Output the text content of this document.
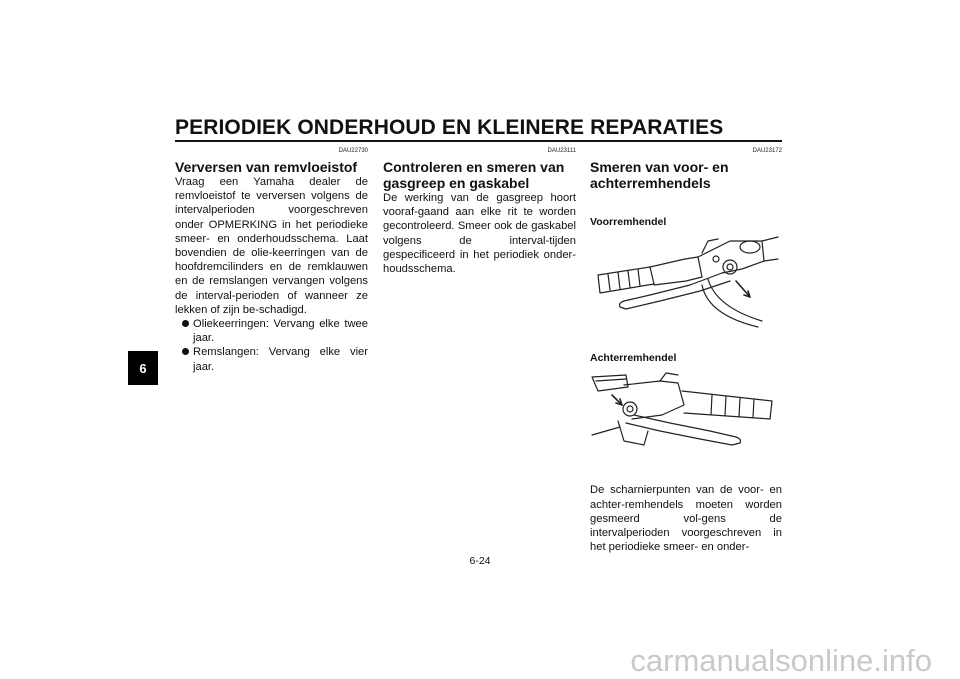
PERIODIEK ONDERHOUD EN KLEINERE REPARATIES
6
DAU22730
Verversen van remvloeistof

Vraag een Yamaha dealer de remvloeistof te verversen volgens de intervalperioden voorgeschreven onder OPMERKING in het periodieke smeer- en onderhoudsschema. Laat bovendien de olie-keerringen van de hoofdremcilinders en de remklauwen en de remslangen vervangen volgens de interval-perioden of wanneer ze lekken of zijn be-schadigd.

Oliekeerringen: Vervang elke twee jaar.
Remslangen: Vervang elke vier jaar.
DAU23111
Controleren en smeren van gasgreep en gaskabel

De werking van de gasgreep hoort vooraf-gaand aan elke rit te worden gecontroleerd. Smeer ook de gaskabel volgens de interval-tijden gespecificeerd in het periodiek onder-houdsschema.

DAU23172
Smeren van voor- en achterremhendels

Voorremhendel

Achterremhendel

De scharnierpunten van de voor- en achter-remhendels moeten worden gesmeerd vol-gens de intervalperioden voorgeschreven in het periodieke smeer- en onder-

6-24
carmanualsonline.info
